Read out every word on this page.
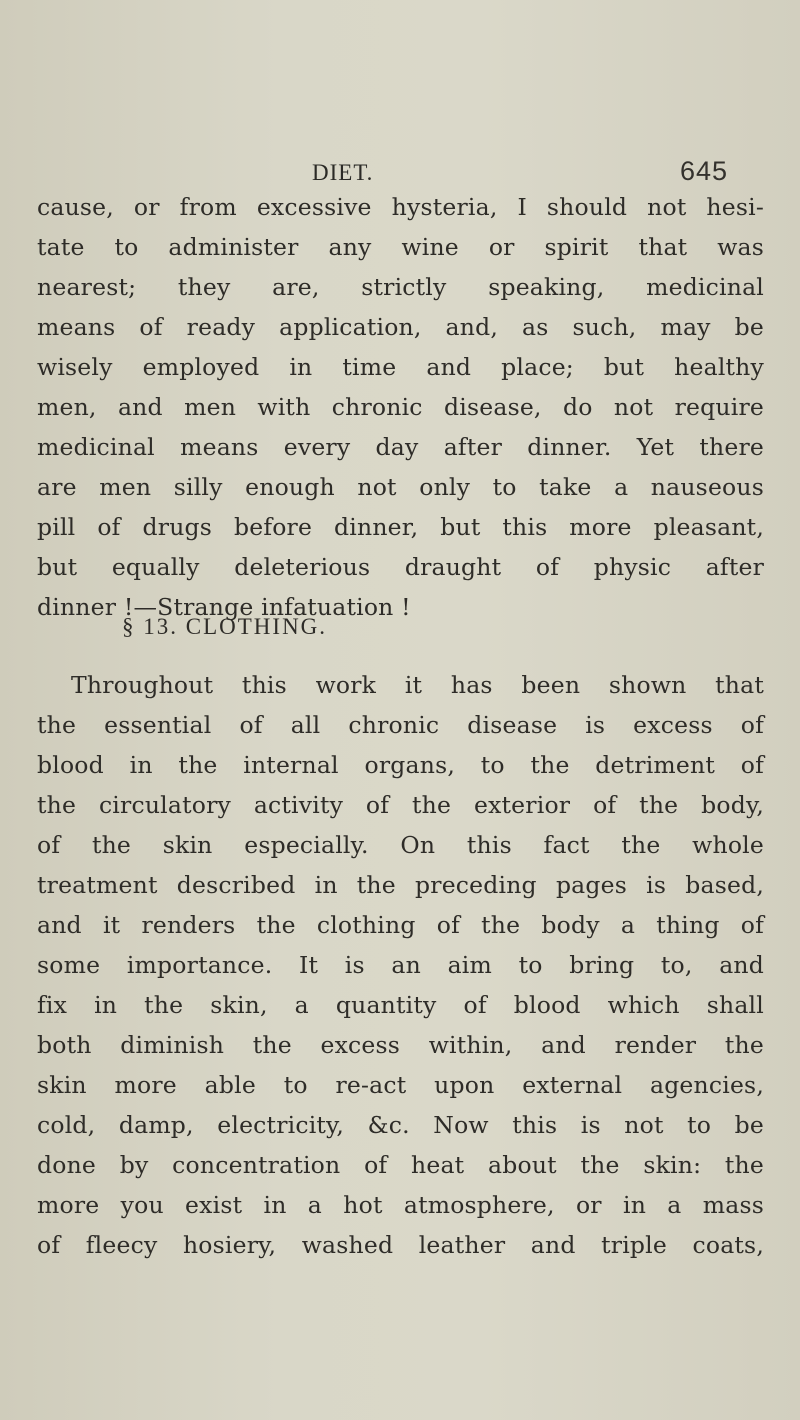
DIET.	645
cause, or from excessive hysteria, I should not hesi-
tate to administer any wine or spirit that was
nearest; they are, strictly speaking, medicinal
means of ready application, and, as such, may be
wisely employed in time and place; but healthy
men, and men with chronic disease, do not require
medicinal means every day after dinner. Yet there
are men silly enough not only to take a nauseous
pill of drugs before dinner, but this more pleasant,
but equally deleterious draught of physic after
dinner !—Strange infatuation !
§ 13. CLOTHING.
Throughout this work it has been shown that
the essential of all chronic disease is excess of
blood in the internal organs, to the detriment of
the circulatory activity of the exterior of the body,
of the skin especially. On this fact the whole
treatment described in the preceding pages is based,
and it renders the clothing of the body a thing of
some importance. It is an aim to bring to, and
fix in the skin, a quantity of blood which shall
both diminish the excess within, and render the
skin more able to re-act upon external agencies,
cold, damp, electricity, &c. Now this is not to be
done by concentration of heat about the skin: the
more you exist in a hot atmosphere, or in a mass
of fleecy hosiery, washed leather and triple coats,
